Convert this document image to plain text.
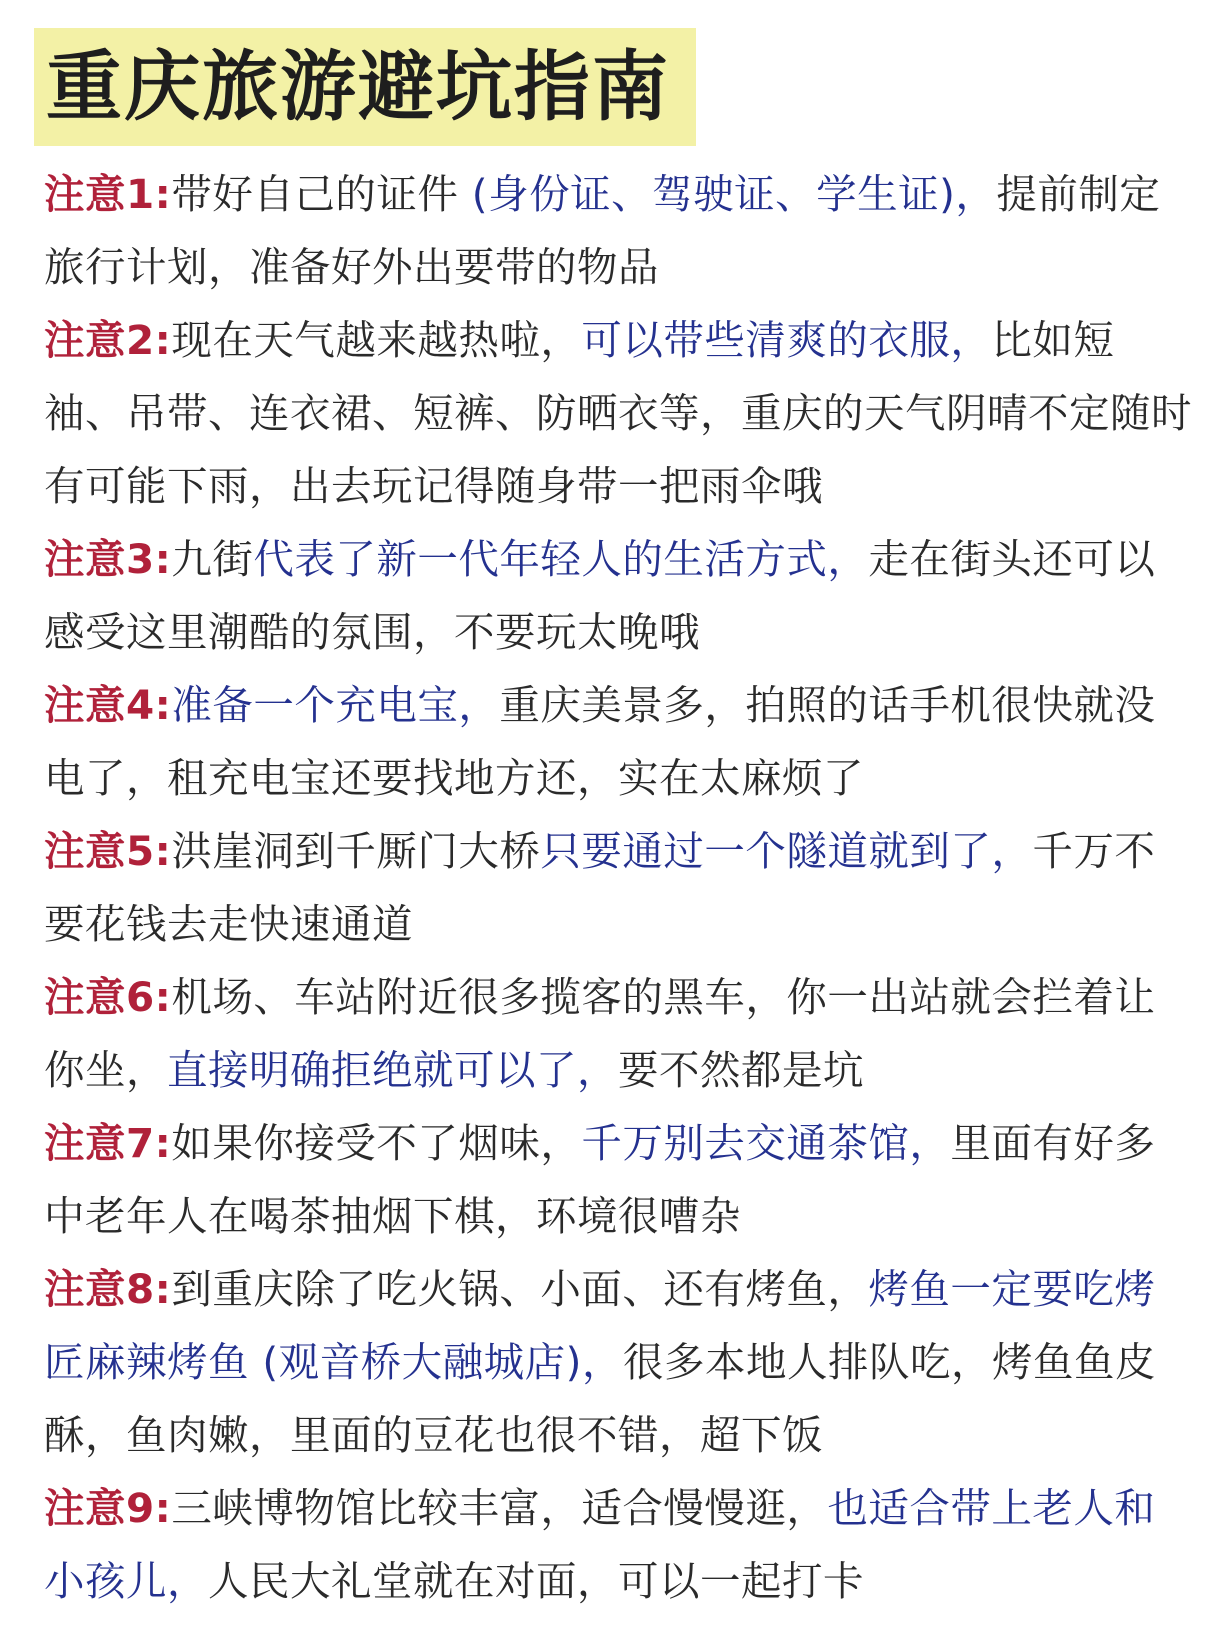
重庆旅游避坑指南

注意1:带好自己的证件 (身份证、驾驶证、学生证)，提前制定旅行计划，准备好外出要带的物品

注意2:现在天气越来越热啦，可以带些清爽的衣服，比如短袖、吊带、连衣裙、短裤、防晒衣等，重庆的天气阴晴不定随时有可能下雨，出去玩记得随身带一把雨伞哦

注意3:九街代表了新一代年轻人的生活方式，走在街头还可以感受这里潮酷的氛围，不要玩太晚哦

注意4:准备一个充电宝，重庆美景多，拍照的话手机很快就没电了，租充电宝还要找地方还，实在太麻烦了

注意5:洪崖洞到千厮门大桥只要通过一个隧道就到了，千万不要花钱去走快速通道

注意6:机场、车站附近很多揽客的黑车，你一出站就会拦着让你坐，直接明确拒绝就可以了，要不然都是坑

注意7:如果你接受不了烟味，千万别去交通茶馆，里面有好多中老年人在喝茶抽烟下棋，环境很嘈杂

注意8:到重庆除了吃火锅、小面、还有烤鱼，烤鱼一定要吃烤匠麻辣烤鱼 (观音桥大融城店)，很多本地人排队吃，烤鱼鱼皮酥，鱼肉嫩，里面的豆花也很不错，超下饭

注意9:三峡博物馆比较丰富，适合慢慢逛，也适合带上老人和小孩儿，人民大礼堂就在对面，可以一起打卡
